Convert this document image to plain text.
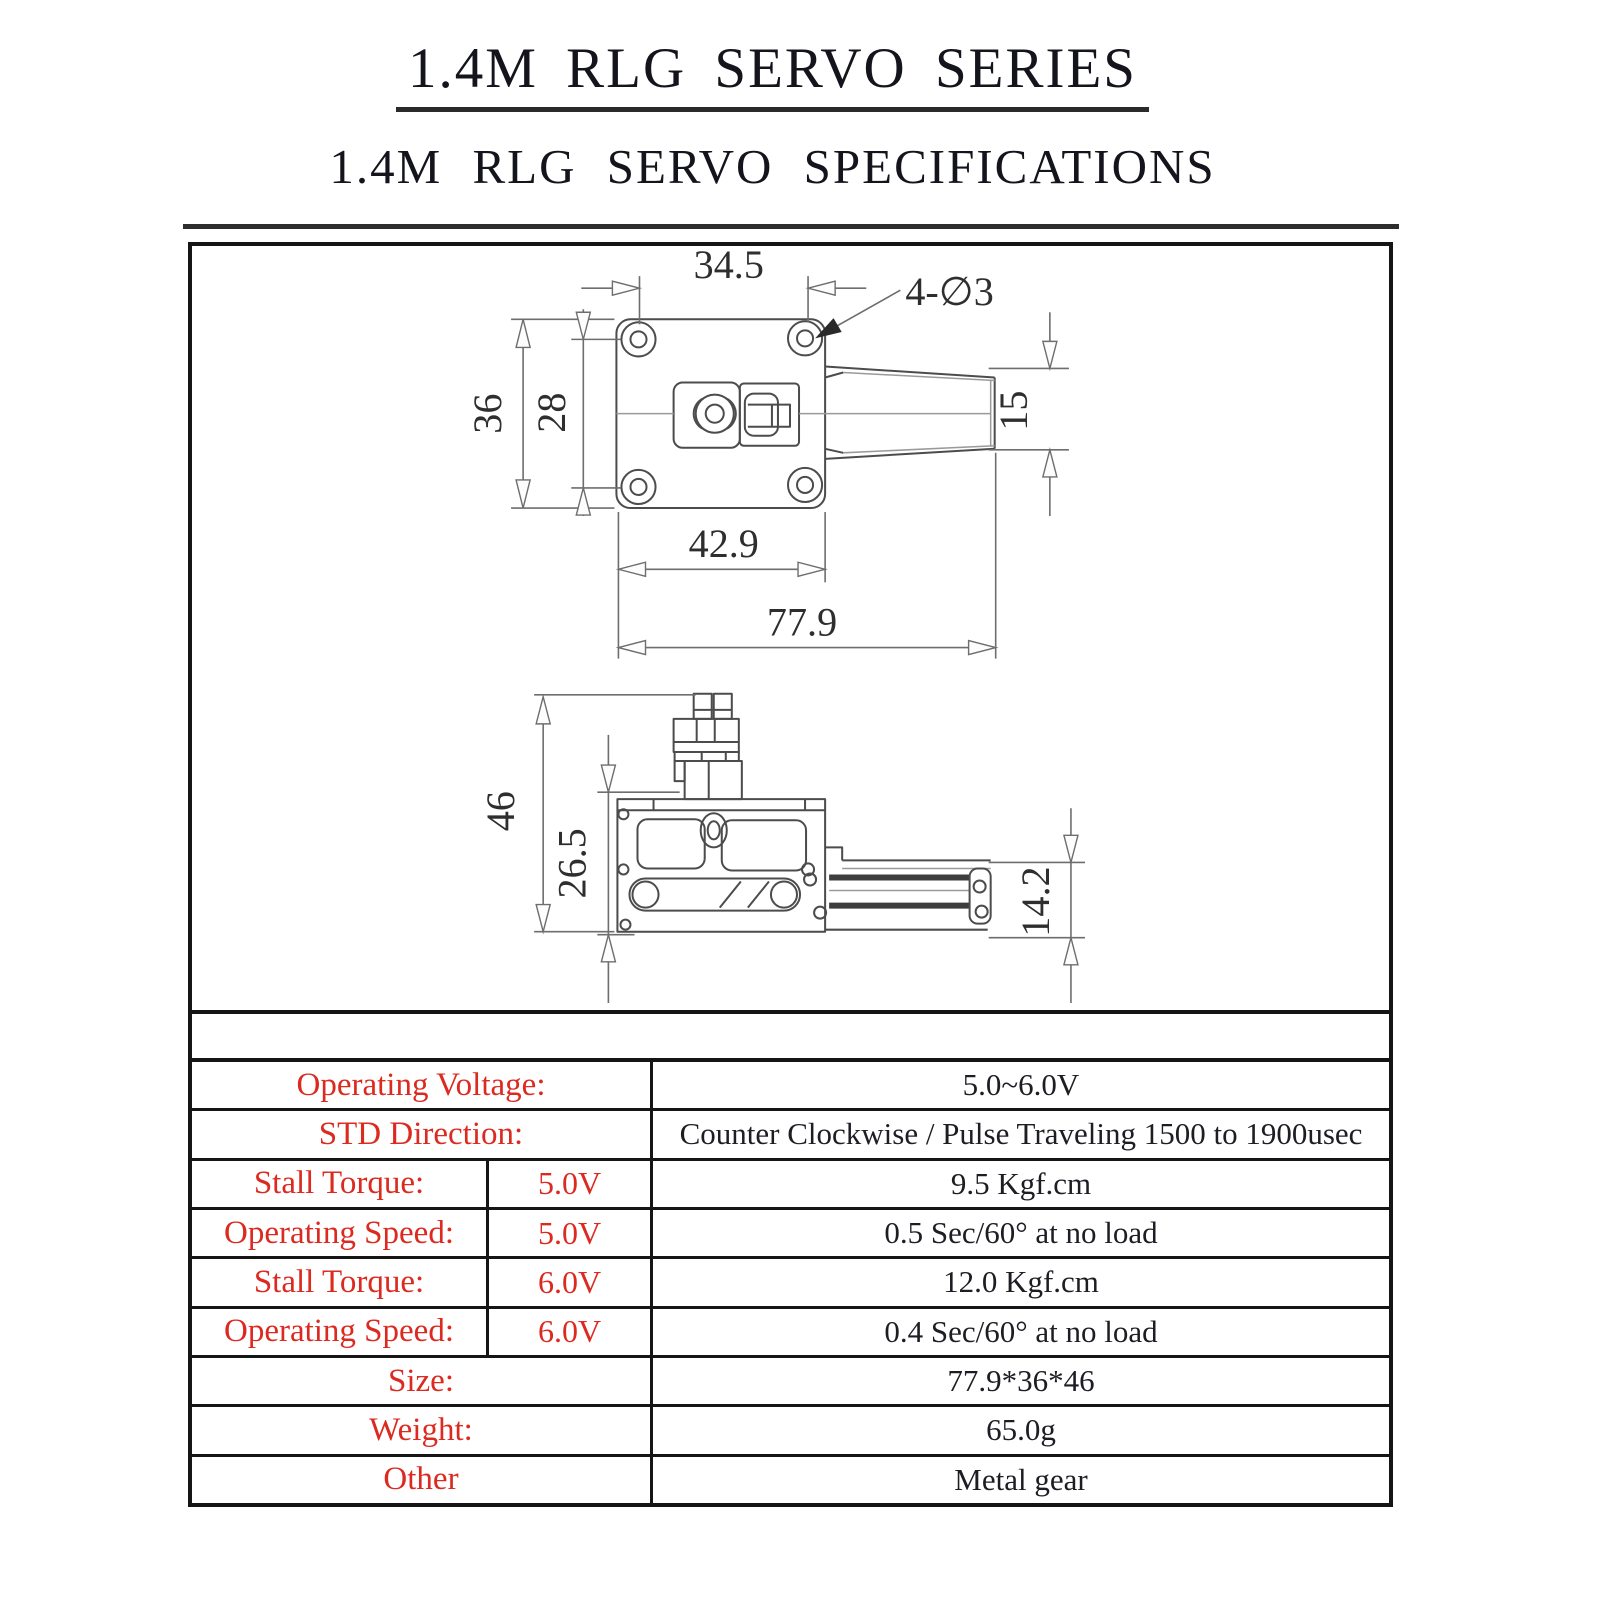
1.4M RLG SERVO SERIES
1.4M RLG SERVO SPECIFICATIONS
34.5
4-∅3
36 28	15
42.9
77.9
46
26.5
14.2
Operating Voltage:	5.0~6.0V
STD Direction:	Counter Clockwise / Pulse Traveling 1500 to 1900usec
Stall Torque:	5.0V	9.5 Kgf.cm
Operating Speed:	5.0V	0.5 Sec/60° at no load
Stall Torque:	6.0V	12.0 Kgf.cm
Operating Speed:	6.0V	0.4 Sec/60° at no load
Size:	77.9*36*46
Weight:	65.0g
Other	Metal gear
